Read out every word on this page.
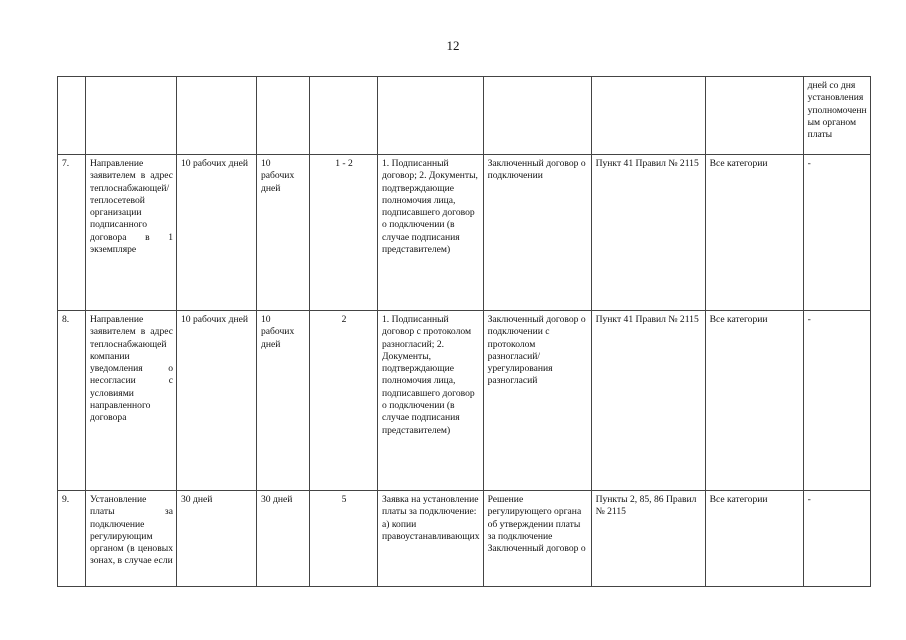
12

									дней со дня
установления
уполномоченн
ым органом
платы

7.	Направление заявителем в адрес теплоснабжающей/теплосетевой организации подписанного договора в 1 экземпляре	10 рабочих дней	10 рабочих дней	1 - 2	1. Подписанный договор; 2. Документы, подтверждающие полномочия лица, подписавшего договор о подключении (в случае подписания представителем)	Заключенный договор о подключении	Пункт 41 Правил № 2115	Все категории	-
8.	Направление заявителем в адрес теплоснабжающей компании уведомления о несогласии с условиями направленного договора	10 рабочих дней	10 рабочих дней	2	1. Подписанный договор с протоколом разногласий; 2. Документы, подтверждающие полномочия лица, подписавшего договор о подключении (в случае подписания представителем)	Заключенный договор о подключении с протоколом разногласий/урегулирования разногласий	Пункт 41 Правил № 2115	Все категории	-
9.	Установление платы за подключение регулирующим органом (в ценовых зонах, в случае если	30 дней	30 дней	5	Заявка на установление платы за подключение: а) копии правоустанавливающих	Решение регулирующего органа об утверждении платы за подключение Заключенный договор о	Пункты 2, 85, 86 Правил № 2115	Все категории	-
